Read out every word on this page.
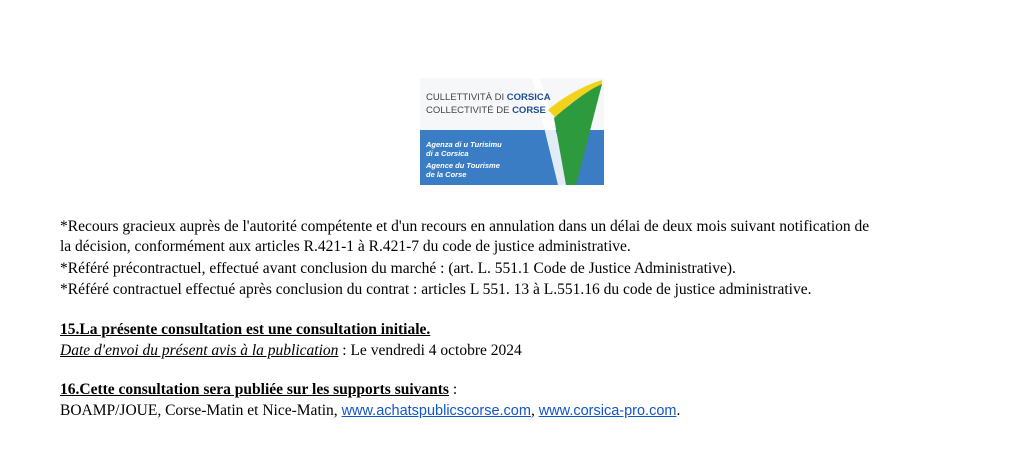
CULLETTIVITÀ DI CORSICA
COLLECTIVITÉ DE CORSE
Agenza di u Turisimu
di a Corsica
Agence du Tourisme
de la Corse
*Recours gracieux auprès de l'autorité compétente et d'un recours en annulation dans un délai de deux mois suivant notification de
la décision, conformément aux articles R.421-1 à R.421-7 du code de justice administrative.
*Référé précontractuel, effectué avant conclusion du marché : (art. L. 551.1 Code de Justice Administrative).
*Référé contractuel effectué après conclusion du contrat : articles L 551. 13 à L.551.16 du code de justice administrative.
15.La présente consultation est une consultation initiale.
Date d'envoi du présent avis à la publication : Le vendredi 4 octobre 2024
16.Cette consultation sera publiée sur les supports suivants :
BOAMP/JOUE, Corse-Matin et Nice-Matin, www.achatspublicscorse.com, www.corsica-pro.com.
